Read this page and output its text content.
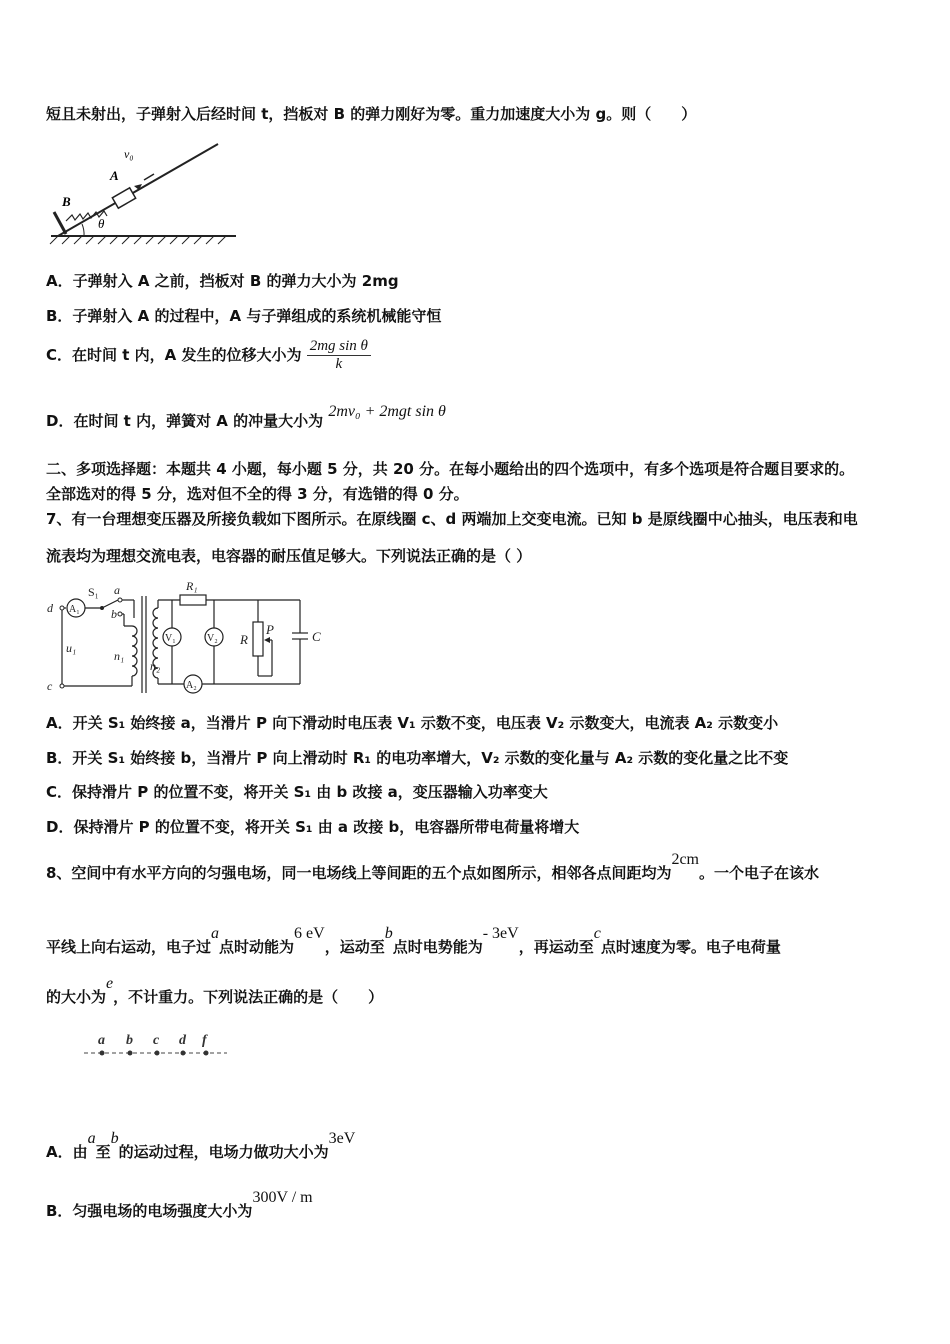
短且未射出，子弹射入后经时间 t，挡板对 B 的弹力刚好为零。重力加速度大小为 g。则（　　）
v₀
A
B
θ
A．子弹射入 A 之前，挡板对 B 的弹力大小为 2mg
B．子弹射入 A 的过程中，A 与子弹组成的系统机械能守恒
C．在时间 t 内，A 发生的位移大小为 $\frac{\text{2mg sin θ}}{k}$
D．在时间 t 内，弹簧对 A 的冲量大小为 2mv₀ + 2mgt sin θ
二、多项选择题：本题共 4 小题，每小题 5 分，共 20 分。在每小题给出的四个选项中，有多个选项是符合题目要求的。
全部选对的得 5 分，选对但不全的得 3 分，有选错的得 0 分。
7、有一台理想变压器及所接负载如下图所示。在原线圈 c、d 两端加上交变电流。已知 b 是原线圈中心抽头，电压表和电
流表均为理想交流电表，电容器的耐压值足够大。下列说法正确的是（ ）
d
c
A₁
S₁ a
b
u₁
n₁
n₂
R₁
V₁	V₂ R
P	C
A₂
A．开关 S₁ 始终接 a，当滑片 P 向下滑动时电压表 V₁ 示数不变，电压表 V₂ 示数变大，电流表 A₂ 示数变小
B．开关 S₁ 始终接 b，当滑片 P 向上滑动时 R₁ 的电功率增大，V₂ 示数的变化量与 A₂ 示数的变化量之比不变
C．保持滑片 P 的位置不变，将开关 S₁ 由 b 改接 a，变压器输入功率变大
D．保持滑片 P 的位置不变，将开关 S₁ 由 a 改接 b，电容器所带电荷量将增大
8、空间中有水平方向的匀强电场，同一电场线上等间距的五个点如图所示，相邻各点间距均为2cm。一个电子在该水
平线上向右运动，电子过a点时动能为6 eV，运动至b点时电势能为- 3eV，再运动至c点时速度为零。电子电荷量
的大小为e，不计重力。下列说法正确的是（　　）
a b c d f
A．由a至b的运动过程，电场力做功大小为3eV
B．匀强电场的电场强度大小为300V / m
